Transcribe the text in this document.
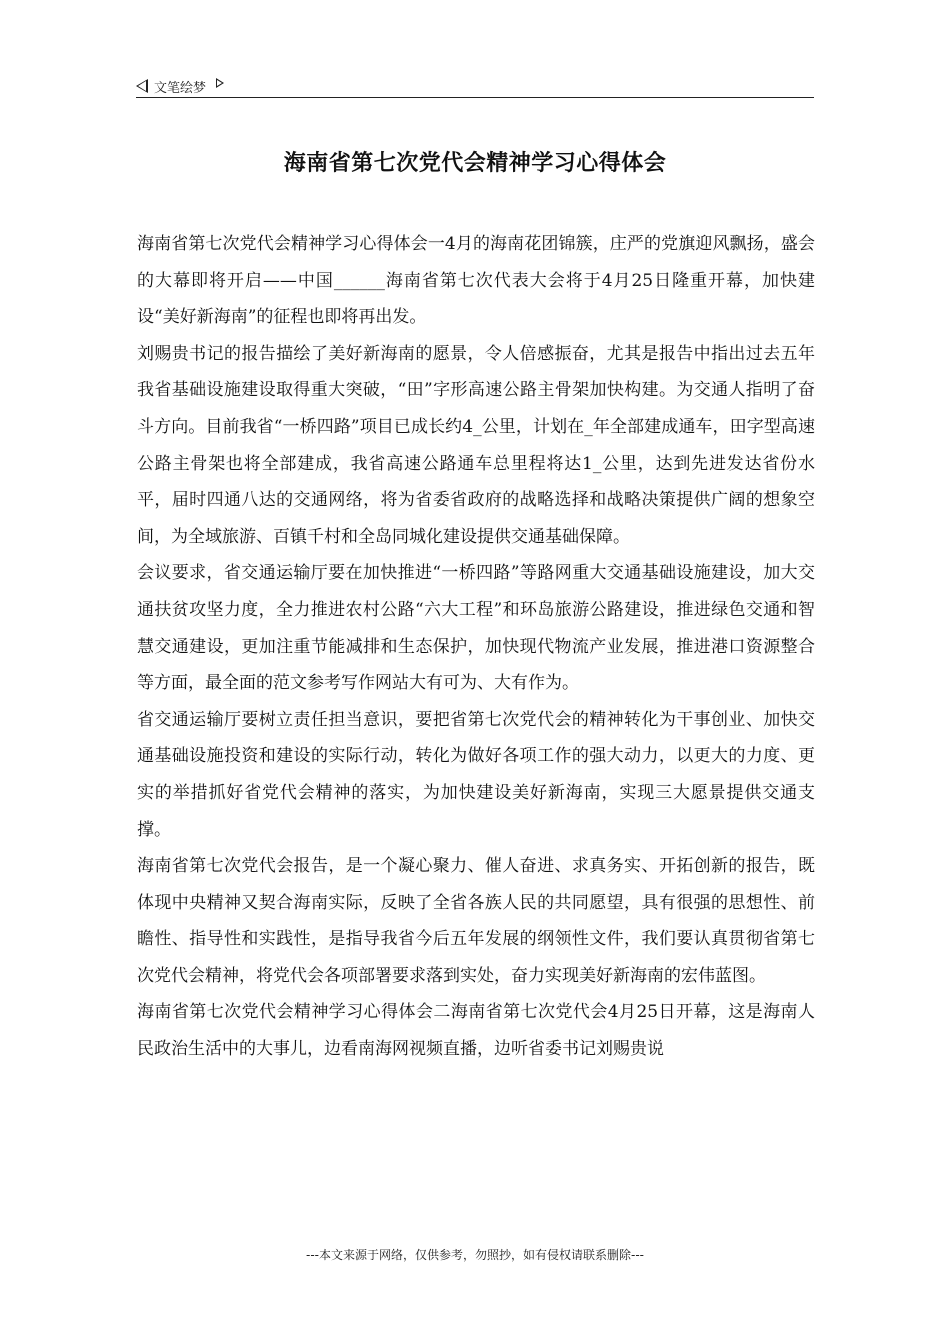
文笔绘梦
海南省第七次党代会精神学习心得体会

海南省第七次党代会精神学习心得体会一4月的海南花团锦簇，庄严的党旗迎风飘扬，盛会的大幕即将开启——中国______海南省第七次代表大会将于4月25日隆重开幕，加快建设“美好新海南”的征程也即将再出发。

刘赐贵书记的报告描绘了美好新海南的愿景，令人倍感振奋，尤其是报告中指出过去五年我省基础设施建设取得重大突破，“田”字形高速公路主骨架加快构建。为交通人指明了奋斗方向。目前我省“一桥四路”项目已成长约4_公里，计划在_年全部建成通车，田字型高速公路主骨架也将全部建成，我省高速公路通车总里程将达1_公里，达到先进发达省份水平，届时四通八达的交通网络，将为省委省政府的战略选择和战略决策提供广阔的想象空间，为全域旅游、百镇千村和全岛同城化建设提供交通基础保障。

会议要求，省交通运输厅要在加快推进“一桥四路”等路网重大交通基础设施建设，加大交通扶贫攻坚力度，全力推进农村公路“六大工程”和环岛旅游公路建设，推进绿色交通和智慧交通建设，更加注重节能减排和生态保护，加快现代物流产业发展，推进港口资源整合等方面，最全面的范文参考写作网站大有可为、大有作为。

省交通运输厅要树立责任担当意识，要把省第七次党代会的精神转化为干事创业、加快交通基础设施投资和建设的实际行动，转化为做好各项工作的强大动力，以更大的力度、更实的举措抓好省党代会精神的落实，为加快建设美好新海南，实现三大愿景提供交通支撑。

海南省第七次党代会报告，是一个凝心聚力、催人奋进、求真务实、开拓创新的报告，既体现中央精神又契合海南实际，反映了全省各族人民的共同愿望，具有很强的思想性、前瞻性、指导性和实践性，是指导我省今后五年发展的纲领性文件，我们要认真贯彻省第七次党代会精神，将党代会各项部署要求落到实处，奋力实现美好新海南的宏伟蓝图。

海南省第七次党代会精神学习心得体会二海南省第七次党代会4月25日开幕，这是海南人民政治生活中的大事儿，边看南海网视频直播，边听省委书记刘赐贵说

---本文来源于网络，仅供参考，勿照抄，如有侵权请联系删除---
